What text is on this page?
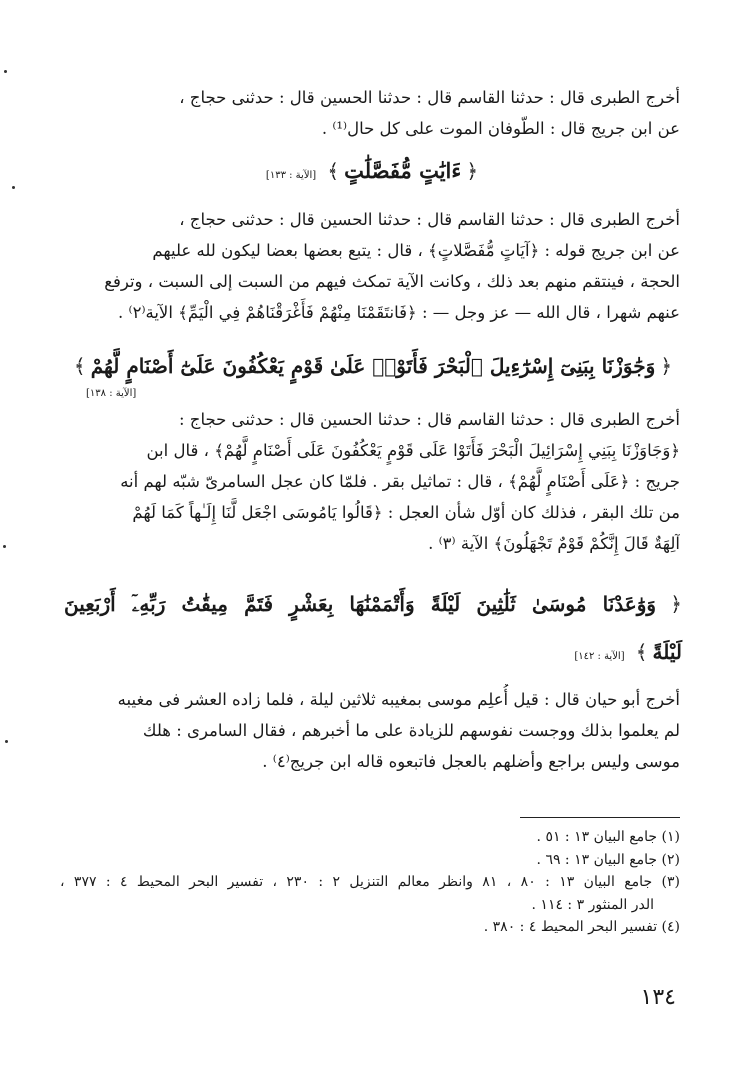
أخرج الطبرى قال : حدثنا القاسم قال : حدثنا الحسين قال : حدثنى حجاج ،

عن ابن جريج قال : الطّوفان الموت على كل حال⁽¹⁾ .

﴿ ءَايَٰتٍ مُّفَصَّلَٰتٍ ﴾ [الآية : ١٣٣]

أخرج الطبرى قال : حدثنا القاسم قال : حدثنا الحسين قال : حدثنى حجاج ،

عن ابن جريج قوله : ﴿آيَاتٍ مُّفَصَّلاتٍ﴾ ، قال : يتبع بعضها بعضا ليكون لله عليهم

الحجة ، فينتقم منهم بعد ذلك ، وكانت الآية تمكث فيهم من السبت إلى السبت ، وترفع

عنهم شهرا ، قال الله — عز وجل — : ﴿فَانتَقَمْنَا مِنْهُمْ فَأَغْرَقْنَاهُمْ فِي الْيَمِّ﴾ الآية⁽٢⁾ .

﴿ وَجَٰوَزْنَا بِبَنِىٓ إِسْرَٰٓءِيلَ ٱلْبَحْرَ فَأَتَوْا۟ عَلَىٰ قَوْمٍ يَعْكُفُونَ عَلَىٰٓ أَصْنَامٍ لَّهُمْ ﴾
[الآية : ١٣٨]

أخرج الطبرى قال : حدثنا القاسم قال : حدثنا الحسين قال : حدثنى حجاج :

﴿وَجَاوَزْنَا بِبَنِي إِسْرَائِيلَ الْبَحْرَ فَأَتَوْا عَلَى قَوْمٍ يَعْكُفُونَ عَلَى أَصْنَامٍ لَّهُمْ﴾ ، قال ابن

جريج : ﴿عَلَى أَصْنَامٍ لَّهُمْ﴾ ، قال : تماثيل بقر . فلمّا كان عجل السامرىّ شبّه لهم أنه

من تلك البقر ، فذلك كان أوّل شأن العجل : ﴿قَالُوا يَامُوسَى اجْعَل لَّنَا إِلَـٰهاً كَمَا لَهُمْ

آلِهَةٌ قَالَ إِنَّكُمْ قَوْمٌ تَجْهَلُونَ﴾ الآية ⁽٣⁾ .

﴿ وَوَٰعَدْنَا مُوسَىٰ ثَلَٰثِينَ لَيْلَةً وَأَتْمَمْنَٰهَا بِعَشْرٍ فَتَمَّ مِيقَٰتُ رَبِّهِۦٓ أَرْبَعِينَ
لَيْلَةً ﴾ [الآية : ١٤٢]

أخرج أبو حيان قال : قيل أُعلِم موسى بمغيبه ثلاثين ليلة ، فلما زاده العشر فى مغيبه

لم يعلموا بذلك ووجست نفوسهم للزيادة على ما أخبرهم ، فقال السامرى : هلك

موسى وليس براجع وأضلهم بالعجل فاتبعوه قاله ابن جريج⁽٤⁾ .

(١) جامع البيان ١٣ : ٥١ .

(٢) جامع البيان ١٣ : ٦٩ .

(٣) جامع البيان ١٣ : ٨٠ ، ٨١ وانظر معالم التنزيل ٢ : ٢٣٠ ، تفسير البحر المحيط ٤ : ٣٧٧ ،

الدر المنثور ٣ : ١١٤ .

(٤) تفسير البحر المحيط ٤ : ٣٨٠ .

١٣٤
